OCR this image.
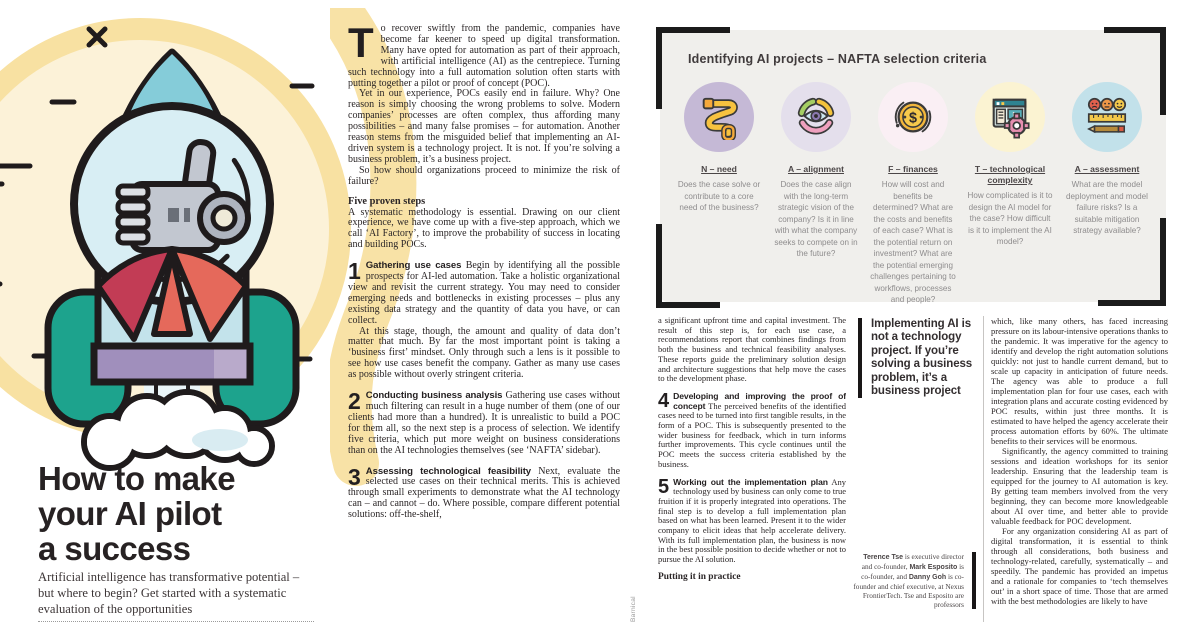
How to make
your AI pilot
a success
Artificial intelligence has transformative potential – but where to begin? Get started with a systematic evaluation of the opportunities

To recover swiftly from the pandemic, companies have become far keener to speed up digital transformation. Many have opted for automation as part of their approach, with artificial intelligence (AI) as the centrepiece. Turning such technology into a full automation solution often starts with putting together a pilot or proof of concept (POC).

Yet in our experience, POCs easily end in failure. Why? One reason is simply choosing the wrong problems to solve. Modern companies’ processes are often complex, thus affording many possibilities – and many false promises – for automation. Another reason stems from the misguided belief that implementing an AI-driven system is a technology project. It is not. If you’re solving a business problem, it’s a business project.

So how should organizations proceed to minimize the risk of failure?

Five proven steps

A systematic methodology is essential. Drawing on our client experience, we have come up with a five-step approach, which we call ‘AI Factory’, to improve the probability of success in locating and building POCs.

1 Gathering use cases Begin by identifying all the possible prospects for AI-led automation. Take a holistic organizational view and revisit the current strategy. You may need to consider emerging needs and bottlenecks in existing processes – plus any existing data strategy and the quantity of data you have, or can collect.

At this stage, though, the amount and quality of data don’t matter that much. By far the most important point is taking a ‘business first’ mindset. Only through such a lens is it possible to see how use cases benefit the company. Gather as many use cases as possible without overly stringent criteria.

2 Conducting business analysis Gathering use cases without much filtering can result in a huge number of them (one of our clients had more than a hundred). It is unrealistic to build a POC for them all, so the next step is a process of selection. We identify five criteria, which put more weight on business considerations than on the AI technologies themselves (see ‘NAFTA’ sidebar).

3 Assessing technological feasibility Next, evaluate the selected use cases on their technical merits. This is achieved through small experiments to demonstrate what the AI technology can – and cannot – do. Where possible, compare different potential solutions: off-the-shelf,

Identifying AI projects – NAFTA selection criteria
N – need
Does the case solve or contribute to a core need of the business?
A – alignment
Does the case align with the long-term strategic vision of the company? Is it in line with what the company seeks to compete on in the future?
$
F – finances
How will cost and benefits be determined? What are the costs and benefits of each case? What is the potential return on investment? What are the potential emerging challenges pertaining to workflows, processes and people?
T – technological complexity
How complicated is it to design the AI model for the case? How difficult is it to implement the AI model?
A – assessment
What are the model deployment and model failure risks? Is a suitable mitigation strategy available?

a significant upfront time and capital investment. The result of this step is, for each use case, a recommendations report that combines findings from both the business and technical feasibility analyses. These reports guide the preliminary solution design and architecture suggestions that help move the cases to the development phase.

4 Developing and improving the proof of concept The perceived benefits of the identified cases need to be turned into first tangible results, in the form of a POC. This is subsequently presented to the wider business for feedback, which in turn informs further improvements. This cycle continues until the POC meets the success criteria established by the business.

5 Working out the implementation plan Any technology used by business can only come to true fruition if it is properly integrated into operations. The final step is to develop a full implementation plan based on what has been learned. Present it to the wider company to elicit ideas that help accelerate delivery. With its full implementation plan, the business is now in the best possible position to decide whether or not to pursue the AI solution.

Putting it in practice

Implementing AI is not a technology project. If you’re solving a business problem, it’s a business project
Terence Tse is executive director and co-founder, Mark Esposito is co-founder, and Danny Goh is co-founder and chief executive, at Nexus FrontierTech. Tse and Esposito are professors

which, like many others, has faced increasing pressure on its labour-intensive operations thanks to the pandemic. It was imperative for the agency to identify and develop the right automation solutions quickly: not just to handle current demand, but to scale up capacity in anticipation of future needs. The agency was able to produce a full implementation plan for four use cases, each with integration plans and accurate costing evidenced by POC results, within just three months. It is estimated to have helped the agency accelerate their process automation efforts by 60%. The ultimate benefits to their services will be enormous.

Significantly, the agency committed to training sessions and ideation workshops for its senior leadership. Ensuring that the leadership team is equipped for the journey to AI automation is key. By getting team members involved from the very beginning, they can become more knowledgeable about AI over time, and better able to provide valuable feedback for POC development.

For any organization considering AI as part of digital transformation, it is essential to think through all considerations, both business and technology-related, carefully, systematically – and speedily. The pandemic has provided an impetus and a rationale for companies to ‘tech themselves out’ in a short space of time. Those that are armed with the best methodologies are likely to have

Barnical
